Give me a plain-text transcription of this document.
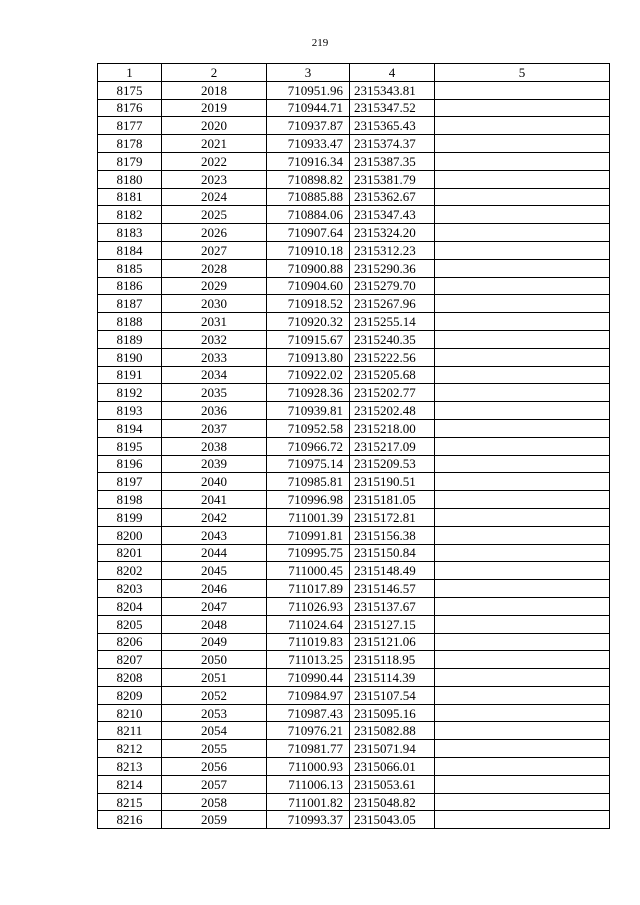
219
1	2	3	4	5
8175	2018	710951.96	2315343.81	
8176	2019	710944.71	2315347.52	
8177	2020	710937.87	2315365.43	
8178	2021	710933.47	2315374.37	
8179	2022	710916.34	2315387.35	
8180	2023	710898.82	2315381.79	
8181	2024	710885.88	2315362.67	
8182	2025	710884.06	2315347.43	
8183	2026	710907.64	2315324.20	
8184	2027	710910.18	2315312.23	
8185	2028	710900.88	2315290.36	
8186	2029	710904.60	2315279.70	
8187	2030	710918.52	2315267.96	
8188	2031	710920.32	2315255.14	
8189	2032	710915.67	2315240.35	
8190	2033	710913.80	2315222.56	
8191	2034	710922.02	2315205.68	
8192	2035	710928.36	2315202.77	
8193	2036	710939.81	2315202.48	
8194	2037	710952.58	2315218.00	
8195	2038	710966.72	2315217.09	
8196	2039	710975.14	2315209.53	
8197	2040	710985.81	2315190.51	
8198	2041	710996.98	2315181.05	
8199	2042	711001.39	2315172.81	
8200	2043	710991.81	2315156.38	
8201	2044	710995.75	2315150.84	
8202	2045	711000.45	2315148.49	
8203	2046	711017.89	2315146.57	
8204	2047	711026.93	2315137.67	
8205	2048	711024.64	2315127.15	
8206	2049	711019.83	2315121.06	
8207	2050	711013.25	2315118.95	
8208	2051	710990.44	2315114.39	
8209	2052	710984.97	2315107.54	
8210	2053	710987.43	2315095.16	
8211	2054	710976.21	2315082.88	
8212	2055	710981.77	2315071.94	
8213	2056	711000.93	2315066.01	
8214	2057	711006.13	2315053.61	
8215	2058	711001.82	2315048.82	
8216	2059	710993.37	2315043.05	
